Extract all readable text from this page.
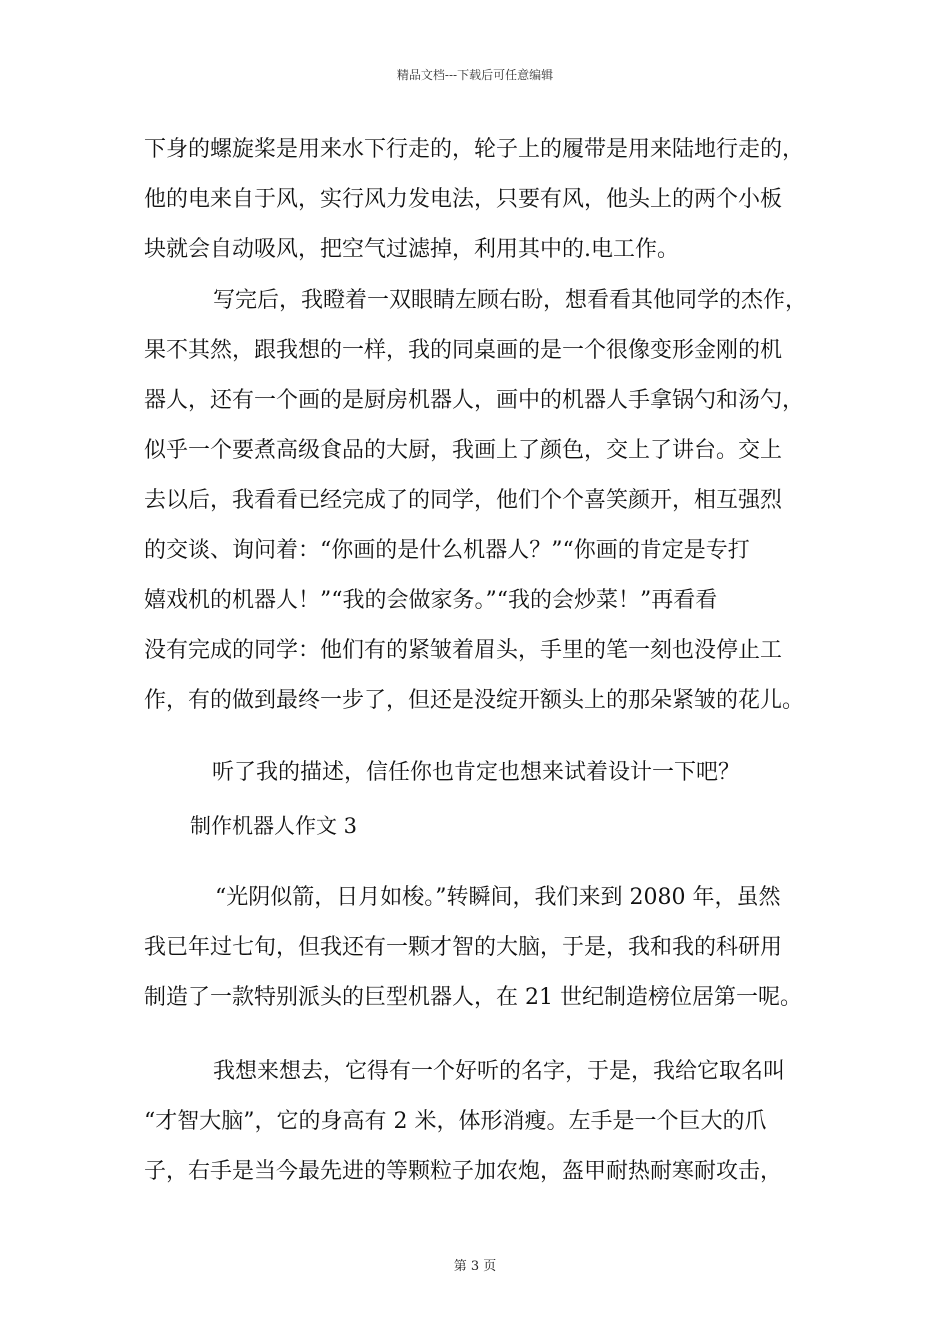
精品文档---下载后可任意编辑
下身的螺旋桨是用来水下行走的，轮子上的履带是用来陆地行走的，
他的电来自于风，实行风力发电法，只要有风，他头上的两个小板
块就会自动吸风，把空气过滤掉，利用其中的.电工作。
写完后，我瞪着一双眼睛左顾右盼，想看看其他同学的杰作，
果不其然，跟我想的一样，我的同桌画的是一个很像变形金刚的机
器人，还有一个画的是厨房机器人，画中的机器人手拿锅勺和汤勺，
似乎一个要煮高级食品的大厨，我画上了颜色，交上了讲台。交上
去以后，我看看已经完成了的同学，他们个个喜笑颜开，相互强烈
的交谈、询问着：“你画的是什么机器人？”“你画的肯定是专打
嬉戏机的机器人！”“我的会做家务。”“我的会炒菜！”再看看
没有完成的同学：他们有的紧皱着眉头，手里的笔一刻也没停止工
作，有的做到最终一步了，但还是没绽开额头上的那朵紧皱的花儿。
听了我的描述，信任你也肯定也想来试着设计一下吧？
制作机器人作文 3
“光阴似箭，日月如梭。”转瞬间，我们来到 2080 年，虽然
我已年过七旬，但我还有一颗才智的大脑，于是，我和我的科研用
制造了一款特别派头的巨型机器人，在 21 世纪制造榜位居第一呢。
我想来想去，它得有一个好听的名字，于是，我给它取名叫
“才智大脑”，它的身高有 2 米，体形消瘦。左手是一个巨大的爪
子，右手是当今最先进的等颗粒子加农炮，盔甲耐热耐寒耐攻击，
第 3 页
